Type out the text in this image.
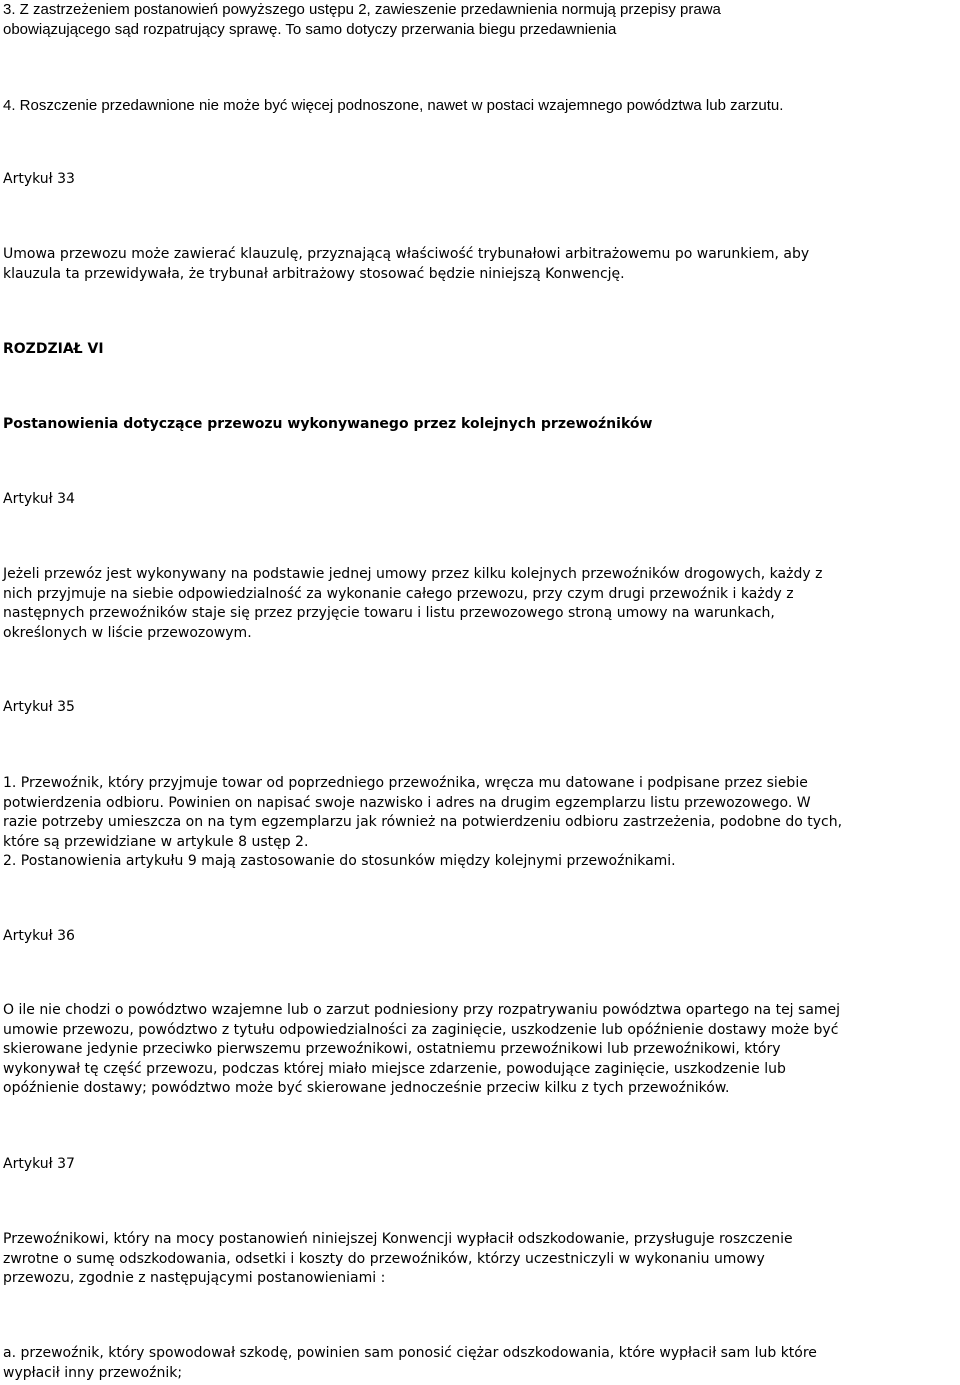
3. Z zastrzeżeniem postanowień powyższego ustępu 2, zawieszenie przedawnienia normują przepisy prawa
obowiązującego sąd rozpatrujący sprawę. To samo dotyczy przerwania biegu przedawnienia
4. Roszczenie przedawnione nie może być więcej podnoszone, nawet w postaci wzajemnego powództwa lub zarzutu.
Artykuł 33
Umowa przewozu może zawierać klauzulę, przyznającą właściwość trybunałowi arbitrażowemu po warunkiem, aby
klauzula ta przewidywała, że trybunał arbitrażowy stosować będzie niniejszą Konwencję.
ROZDZIAŁ VI
Postanowienia dotyczące przewozu wykonywanego przez kolejnych przewoźników
Artykuł 34
Jeżeli przewóz jest wykonywany na podstawie jednej umowy przez kilku kolejnych przewoźników drogowych, każdy z
nich przyjmuje na siebie odpowiedzialność za wykonanie całego przewozu, przy czym drugi przewoźnik i każdy z
następnych przewoźników staje się przez przyjęcie towaru i listu przewozowego stroną umowy na warunkach,
określonych w liście przewozowym.
Artykuł 35
1. Przewoźnik, który przyjmuje towar od poprzedniego przewoźnika, wręcza mu datowane i podpisane przez siebie
potwierdzenia odbioru. Powinien on napisać swoje nazwisko i adres na drugim egzemplarzu listu przewozowego. W
razie potrzeby umieszcza on na tym egzemplarzu jak również na potwierdzeniu odbioru zastrzeżenia, podobne do tych,
które są przewidziane w artykule 8 ustęp 2.
2. Postanowienia artykułu 9 mają zastosowanie do stosunków między kolejnymi przewoźnikami.
Artykuł 36
O ile nie chodzi o powództwo wzajemne lub o zarzut podniesiony przy rozpatrywaniu powództwa opartego na tej samej
umowie przewozu, powództwo z tytułu odpowiedzialności za zaginięcie, uszkodzenie lub opóźnienie dostawy może być
skierowane jedynie przeciwko pierwszemu przewoźnikowi, ostatniemu przewoźnikowi lub przewoźnikowi, który
wykonywał tę część przewozu, podczas której miało miejsce zdarzenie, powodujące zaginięcie, uszkodzenie lub
opóźnienie dostawy; powództwo może być skierowane jednocześnie przeciw kilku z tych przewoźników.
Artykuł 37
Przewoźnikowi, który na mocy postanowień niniejszej Konwencji wypłacił odszkodowanie, przysługuje roszczenie
zwrotne o sumę odszkodowania, odsetki i koszty do przewoźników, którzy uczestniczyli w wykonaniu umowy
przewozu, zgodnie z następującymi postanowieniami :
a. przewoźnik, który spowodował szkodę, powinien sam ponosić ciężar odszkodowania, które wypłacił sam lub które
wypłacił inny przewoźnik;
